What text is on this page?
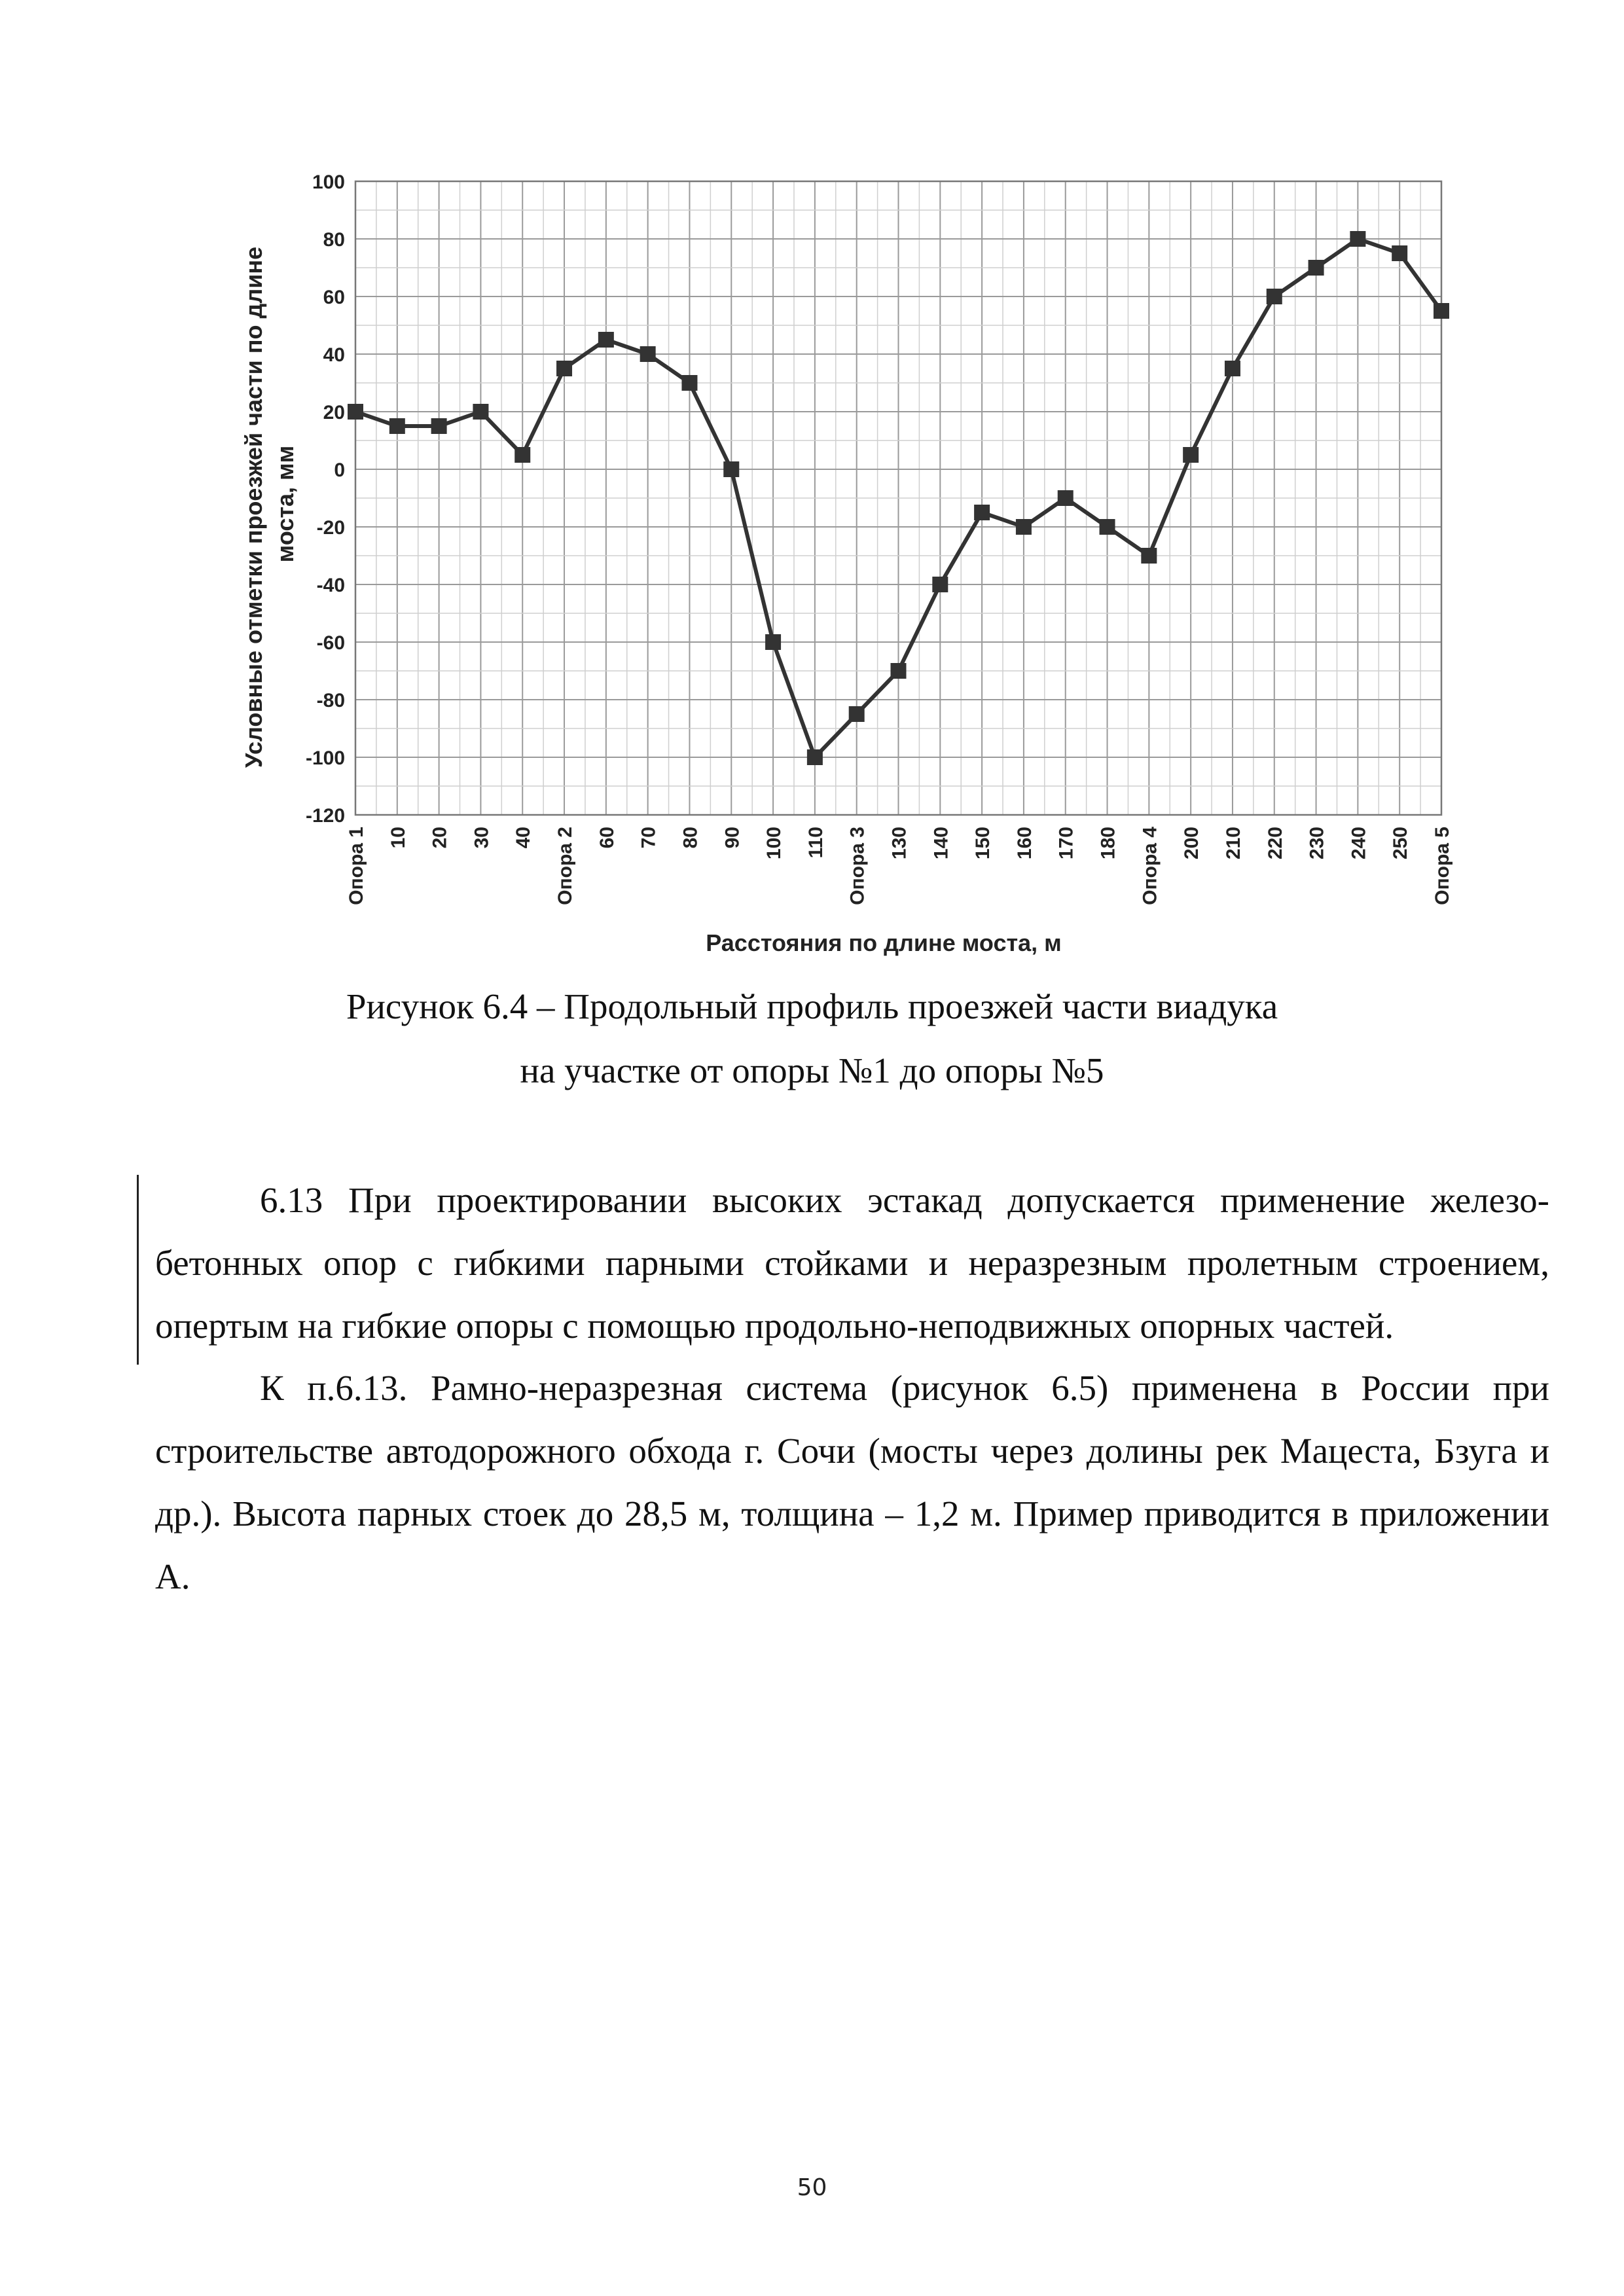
100
80
60
40
20
0
-20
-40
-60
-80
-100
-120
Опора 1 10 20 30 40 Опора 2 60 70 80 90 100 110 Опора 3 130 140 150 160 170 180 Опора 4 200 210 220 230 240 250 Опора 5
Условные отметки проезжей части по длине моста, мм
Расстояния по длине моста, м
Рисунок 6.4 – Продольный профиль проезжей части виадука
на участке от опоры №1 до опоры №5

6.13 При проектировании высоких эстакад допускается применение железобетонных опор с гибкими парными стойками и неразрезным пролетным строением, опертым на гибкие опоры с помощью продольно-неподвижных опорных частей.

К п.6.13. Рамно-неразрезная система (рисунок 6.5) применена в России при строительстве автодорожного обхода г. Сочи (мосты через долины рек Мацеста, Бзуга и др.). Высота парных стоек до 28,5 м, толщина – 1,2 м. Пример приводится в приложении А.

50
